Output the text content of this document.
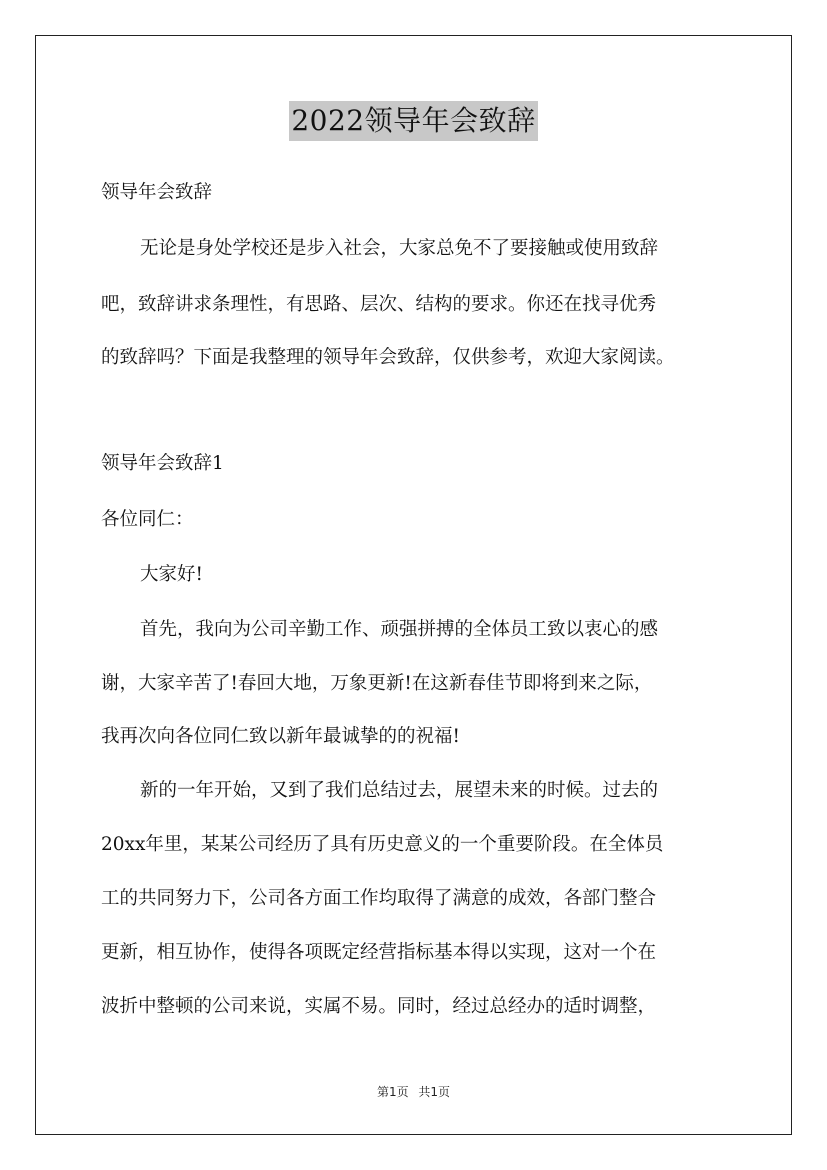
2022领导年会致辞
领导年会致辞
无论是身处学校还是步入社会，大家总免不了要接触或使用致辞
吧，致辞讲求条理性，有思路、层次、结构的要求。你还在找寻优秀
的致辞吗？下面是我整理的领导年会致辞，仅供参考，欢迎大家阅读。
领导年会致辞1
各位同仁：
大家好!
首先，我向为公司辛勤工作、顽强拼搏的全体员工致以衷心的感
谢，大家辛苦了!春回大地，万象更新!在这新春佳节即将到来之际，
我再次向各位同仁致以新年最诚挚的的祝福!
新的一年开始，又到了我们总结过去，展望未来的时候。过去的
20xx年里，某某公司经历了具有历史意义的一个重要阶段。在全体员
工的共同努力下，公司各方面工作均取得了满意的成效，各部门整合
更新，相互协作，使得各项既定经营指标基本得以实现，这对一个在
波折中整顿的公司来说，实属不易。同时，经过总经办的适时调整，
第1页 共1页
